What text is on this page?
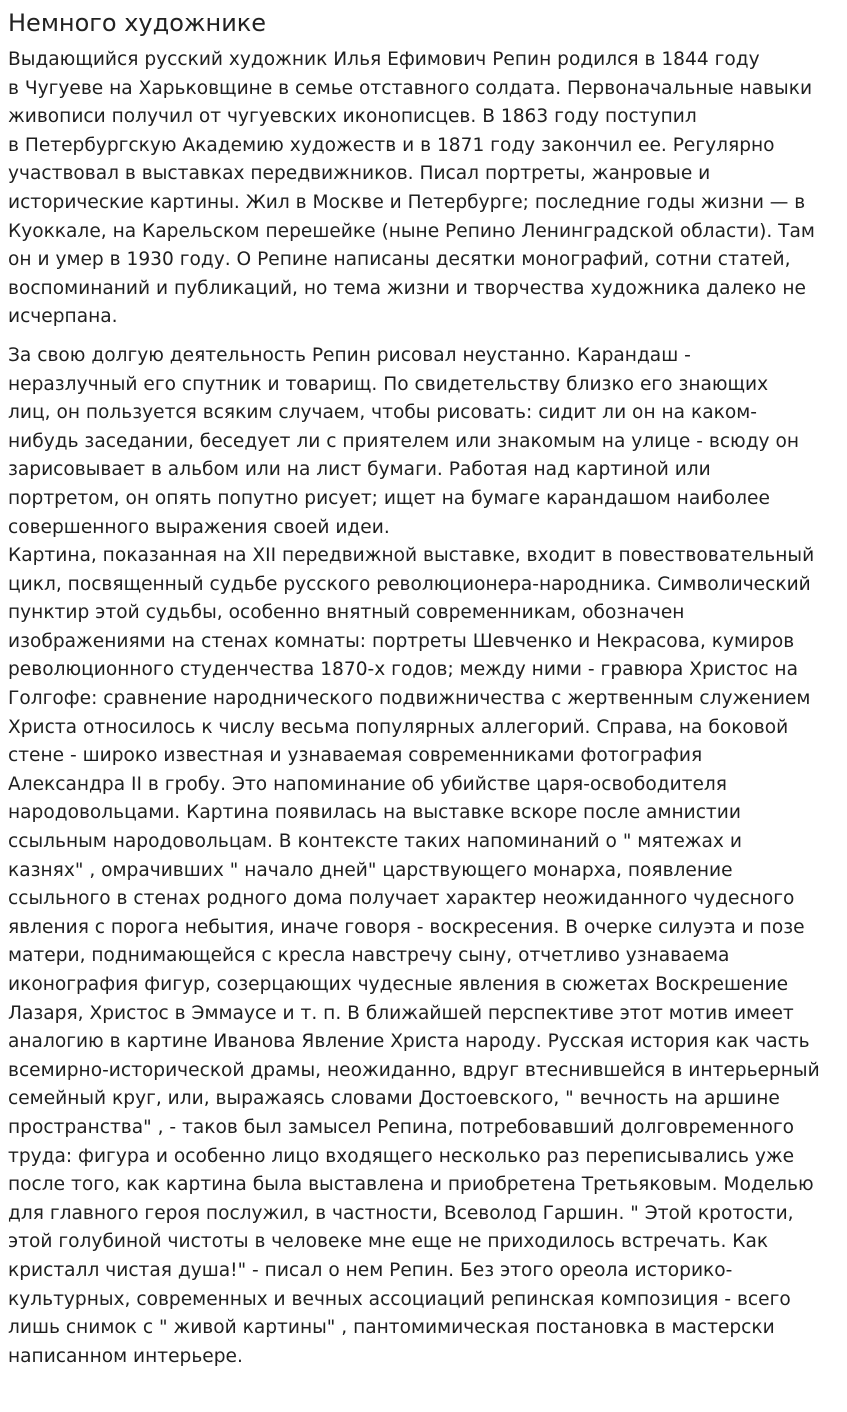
Немного художнике

Выдающийся русский художник Илья Ефимович Репин родился в 1844 году
в Чугуеве на Харьковщине в семье отставного солдата. Первоначальные навыки
живописи получил от чугуевских иконописцев. В 1863 году поступил
в Петербургскую Академию художеств и в 1871 году закончил ее. Регулярно
участвовал в выставках передвижников. Писал портреты, жанровые и
исторические картины. Жил в Москве и Петербурге; последние годы жизни — в
Куоккале, на Карельском перешейке (ныне Репино Ленинградской области). Там
он и умер в 1930 году. О Репине написаны десятки монографий, сотни статей,
воспоминаний и публикаций, но тема жизни и творчества художника далеко не
исчерпана.

За свою долгую деятельность Репин рисовал неустанно. Карандаш -
неразлучный его спутник и товарищ. По свидетельству близко его знающих
лиц, он пользуется всяким случаем, чтобы рисовать: сидит ли он на каком-
нибудь заседании, беседует ли с приятелем или знакомым на улице - всюду он
зарисовывает в альбом или на лист бумаги. Работая над картиной или
портретом, он опять попутно рисует; ищет на бумаге карандашом наиболее
совершенного выражения своей идеи.

Картина, показанная на XII передвижной выставке, входит в повествовательный
цикл, посвященный судьбе русского революционера-народника. Символический
пунктир этой судьбы, особенно внятный современникам, обозначен
изображениями на стенах комнаты: портреты Шевченко и Некрасова, кумиров
революционного студенчества 1870-х годов; между ними - гравюра Христос на
Голгофе: сравнение народнического подвижничества с жертвенным служением
Христа относилось к числу весьма популярных аллегорий. Справа, на боковой
стене - широко известная и узнаваемая современниками фотография
Александра II в гробу. Это напоминание об убийстве царя-освободителя
народовольцами. Картина появилась на выставке вскоре после амнистии
ссыльным народовольцам. В контексте таких напоминаний о " мятежах и
казнях" , омрачивших " начало дней" царствующего монарха, появление
ссыльного в стенах родного дома получает характер неожиданного чудесного
явления с порога небытия, иначе говоря - воскресения. В очерке силуэта и позе
матери, поднимающейся с кресла навстречу сыну, отчетливо узнаваема
иконография фигур, созерцающих чудесные явления в сюжетах Воскрешение
Лазаря, Христос в Эммаусе и т. п. В ближайшей перспективе этот мотив имеет
аналогию в картине Иванова Явление Христа народу. Русская история как часть
всемирно-исторической драмы, неожиданно, вдруг втеснившейся в интерьерный
семейный круг, или, выражаясь словами Достоевского, " вечность на аршине
пространства" , - таков был замысел Репина, потребовавший долговременного
труда: фигура и особенно лицо входящего несколько раз переписывались уже
после того, как картина была выставлена и приобретена Третьяковым. Моделью
для главного героя послужил, в частности, Всеволод Гаршин. " Этой кротости,
этой голубиной чистоты в человеке мне еще не приходилось встречать. Как
кристалл чистая душа!" - писал о нем Репин. Без этого ореола историко-
культурных, современных и вечных ассоциаций репинская композиция - всего
лишь снимок с " живой картины" , пантомимическая постановка в мастерски
написанном интерьере.
